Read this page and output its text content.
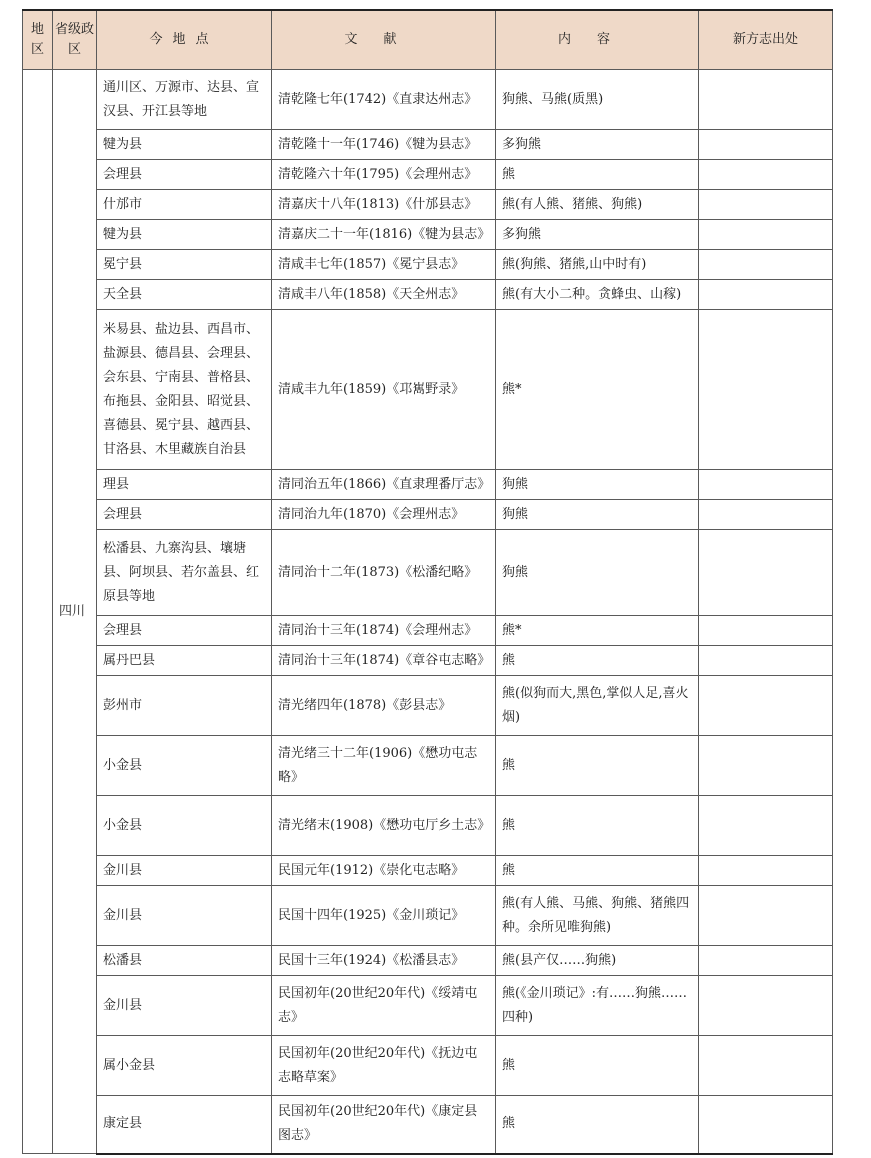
地区	省级政区	今地点	文献	内容	新方志出处
	四川	通川区、万源市、达县、宣汉县、开江县等地	清乾隆七年(1742)《直隶达州志》	狗熊、马熊(质黑)	
		犍为县	清乾隆十一年(1746)《犍为县志》	多狗熊	
		会理县	清乾隆六十年(1795)《会理州志》	熊	
		什邡市	清嘉庆十八年(1813)《什邡县志》	熊(有人熊、猪熊、狗熊)	
		犍为县	清嘉庆二十一年(1816)《犍为县志》	多狗熊	
		冕宁县	清咸丰七年(1857)《冕宁县志》	熊(狗熊、猪熊,山中时有)	
		天全县	清咸丰八年(1858)《天全州志》	熊(有大小二种。贪蜂虫、山稼)	
		米易县、盐边县、西昌市、盐源县、德昌县、会理县、会东县、宁南县、普格县、布拖县、金阳县、昭觉县、喜德县、冕宁县、越西县、甘洛县、木里藏族自治县	清咸丰九年(1859)《邛嶲野录》	熊*	
		理县	清同治五年(1866)《直隶理番厅志》	狗熊	
		会理县	清同治九年(1870)《会理州志》	狗熊	
		松潘县、九寨沟县、壤塘县、阿坝县、若尔盖县、红原县等地	清同治十二年(1873)《松潘纪略》	狗熊	
		会理县	清同治十三年(1874)《会理州志》	熊*	
		属丹巴县	清同治十三年(1874)《章谷屯志略》	熊	
		彭州市	清光绪四年(1878)《彭县志》	熊(似狗而大,黑色,掌似人足,喜火烟)	
		小金县	清光绪三十二年(1906)《懋功屯志略》	熊	
		小金县	清光绪末(1908)《懋功屯厅乡土志》	熊	
		金川县	民国元年(1912)《崇化屯志略》	熊	
		金川县	民国十四年(1925)《金川琐记》	熊(有人熊、马熊、狗熊、猪熊四种。余所见唯狗熊)	
		松潘县	民国十三年(1924)《松潘县志》	熊(县产仅……狗熊)	
		金川县	民国初年(20世纪20年代)《绥靖屯志》	熊(《金川琐记》:有……狗熊……四种)	
		属小金县	民国初年(20世纪20年代)《抚边屯志略草案》	熊	
		康定县	民国初年(20世纪20年代)《康定县图志》	熊	
